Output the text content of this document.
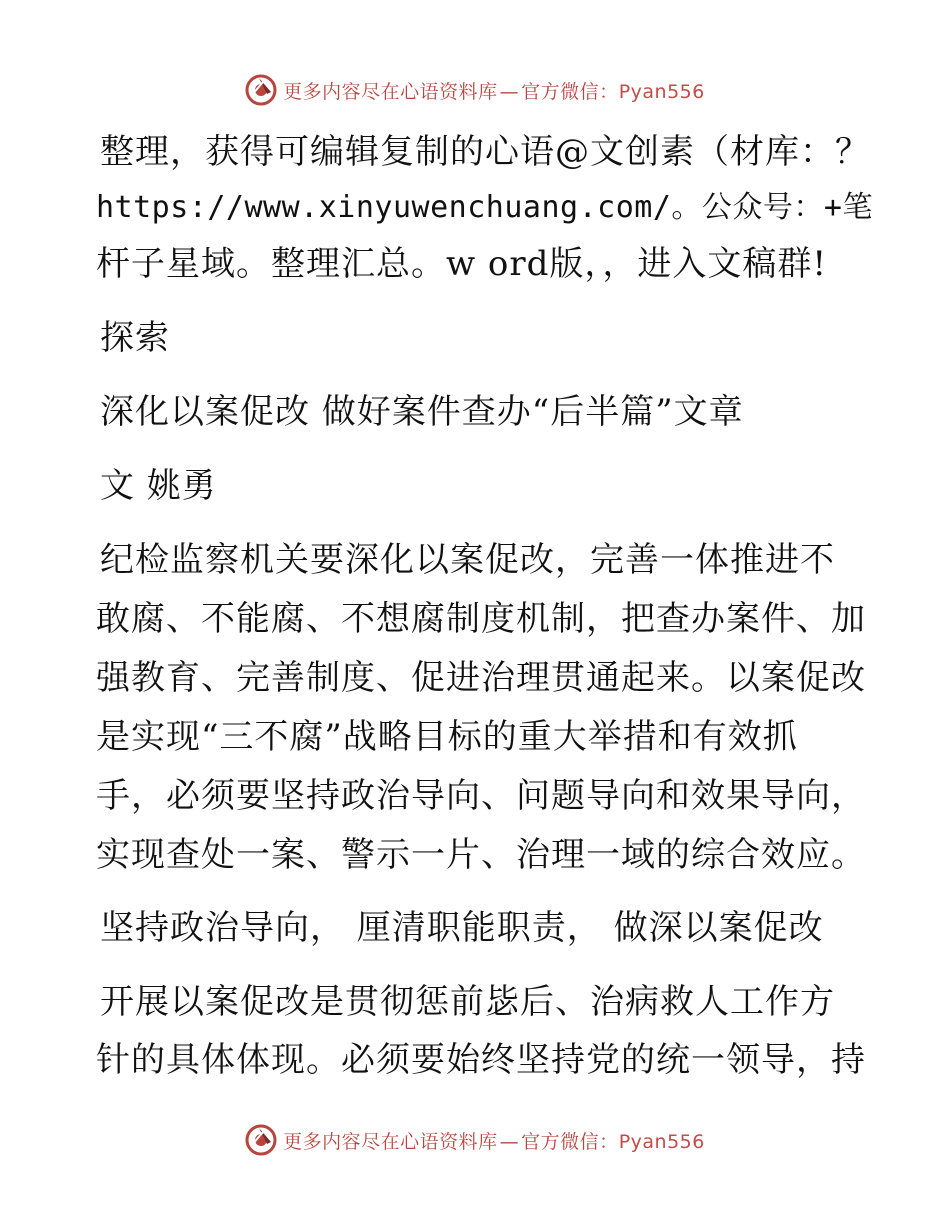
更多内容尽在心语资料库 — 官方微信：Pyan556
整理，获得可编辑复制的心语@文创素（材库：？
https://www.xinyuwenchuang.com/。公众号：+笔
杆子星域。整理汇总。w ord版，，进入文稿群!
探索
深化以案促改 做好案件查办“后半篇”文章
文 姚勇
纪检监察机关要深化以案促改，完善一体推进不
敢腐、不能腐、不想腐制度机制，把查办案件、加
强教育、完善制度、促进治理贯通起来。以案促改
是实现“三不腐”战略目标的重大举措和有效抓
手，必须要坚持政治导向、问题导向和效果导向，
实现查处一案、警示一片、治理一域的综合效应。
坚持政治导向， 厘清职能职责， 做深以案促改
开展以案促改是贯彻惩前毖后、治病救人工作方
针的具体体现。必须要始终坚持党的统一领导，持
更多内容尽在心语资料库 — 官方微信：Pyan556
